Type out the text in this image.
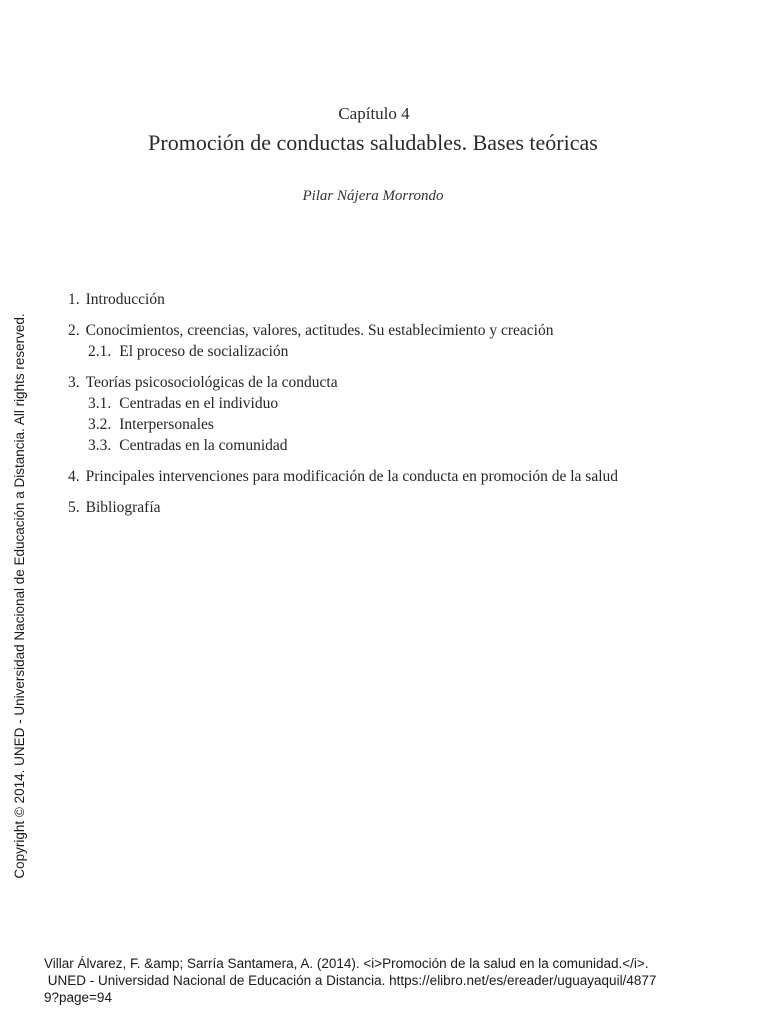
Capítulo 4
Promoción de conductas saludables. Bases teóricas
Pilar Nájera Morrondo
1. Introducción
2. Conocimientos, creencias, valores, actitudes. Su establecimiento y creación
2.1. El proceso de socialización
3. Teorías psicosociológicas de la conducta
3.1. Centradas en el individuo
3.2. Interpersonales
3.3. Centradas en la comunidad
4. Principales intervenciones para modificación de la conducta en promoción de la salud
5. Bibliografía
Copyright © 2014. UNED - Universidad Nacional de Educación a Distancia. All rights reserved.
Villar Álvarez, F. &amp; Sarría Santamera, A. (2014). <i>Promoción de la salud en la comunidad.</i>.
UNED - Universidad Nacional de Educación a Distancia. https://elibro.net/es/ereader/uguayaquil/4877
9?page=94
